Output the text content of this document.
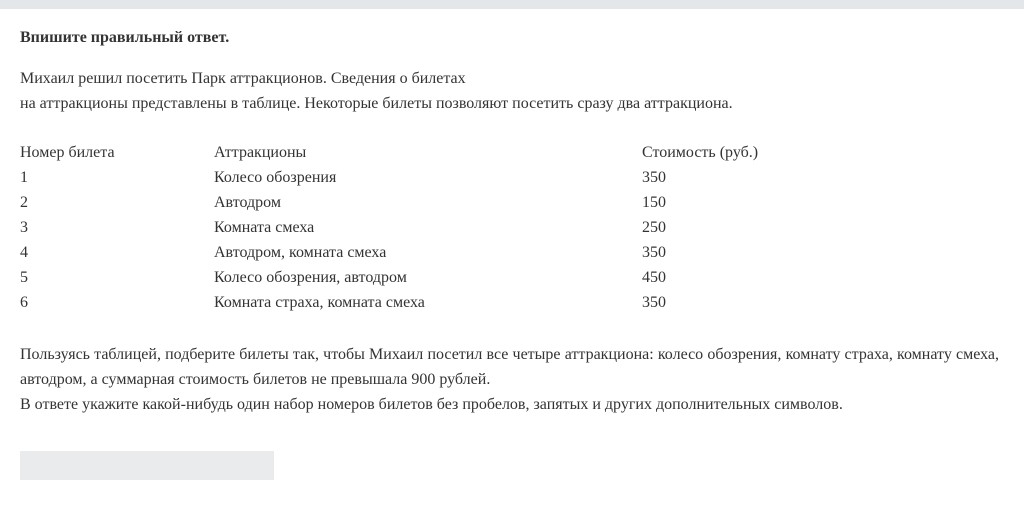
Впишите правильный ответ.

Михаил решил посетить Парк аттракционов. Сведения о билетах
на аттракционы представлены в таблице. Некоторые билеты позволяют посетить сразу два аттракциона.

Номер билета	Аттракционы	Стоимость (руб.)
1	Колесо обозрения	350
2	Автодром	150
3	Комната смеха	250
4	Автодром, комната смеха	350
5	Колесо обозрения, автодром	450
6	Комната страха, комната смеха	350

Пользуясь таблицей, подберите билеты так, чтобы Михаил посетил все четыре аттракциона: колесо обозрения, комнату страха, комнату смеха, автодром, а суммарная стоимость билетов не превышала 900 рублей.
В ответе укажите какой-нибудь один набор номеров билетов без пробелов, запятых и других дополнительных символов.
